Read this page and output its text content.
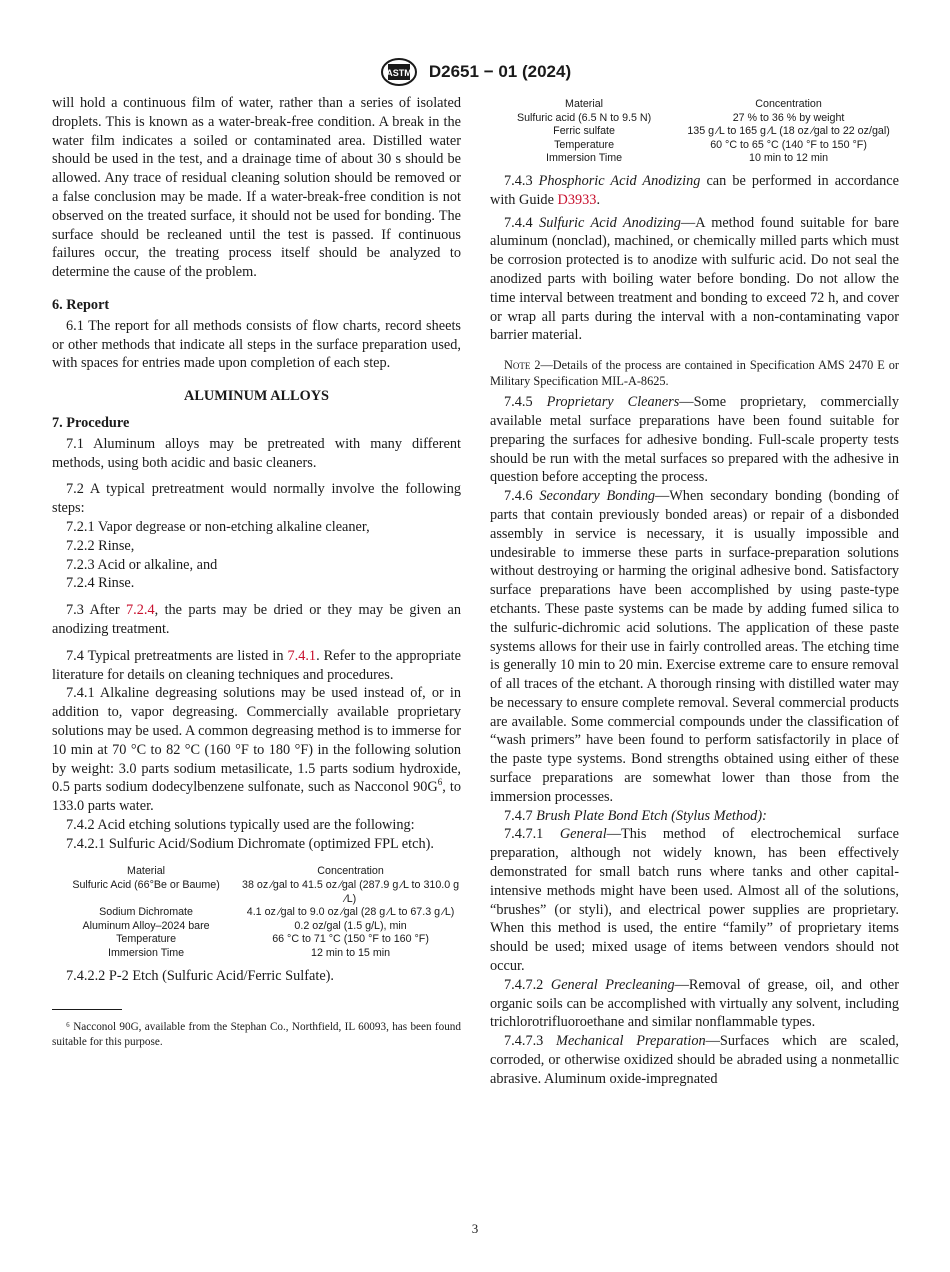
ASTM D2651 − 01 (2024)

will hold a continuous film of water, rather than a series of isolated droplets. This is known as a water-break-free condition. A break in the water film indicates a soiled or contaminated area. Distilled water should be used in the test, and a drainage time of about 30 s should be allowed. Any trace of residual cleaning solution should be removed or a false conclusion may be made. If a water-break-free condition is not observed on the treated surface, it should not be used for bonding. The surface should be recleaned until the test is passed. If continuous failures occur, the treating process itself should be analyzed to determine the cause of the problem.

6. Report

6.1 The report for all methods consists of flow charts, record sheets or other methods that indicate all steps in the surface preparation used, with spaces for entries made upon completion of each step.

ALUMINUM ALLOYS
7. Procedure

7.1 Aluminum alloys may be pretreated with many different methods, using both acidic and basic cleaners.

7.2 A typical pretreatment would normally involve the following steps:

7.2.1 Vapor degrease or non-etching alkaline cleaner,

7.2.2 Rinse,

7.2.3 Acid or alkaline, and

7.2.4 Rinse.

7.3 After 7.2.4, the parts may be dried or they may be given an anodizing treatment.

7.4 Typical pretreatments are listed in 7.4.1. Refer to the appropriate literature for details on cleaning techniques and procedures.

7.4.1 Alkaline degreasing solutions may be used instead of, or in addition to, vapor degreasing. Commercially available proprietary solutions may be used. A common degreasing method is to immerse for 10 min at 70 °C to 82 °C (160 °F to 180 °F) in the following solution by weight: 3.0 parts sodium metasilicate, 1.5 parts sodium hydroxide, 0.5 parts sodium dodecylbenzene sulfonate, such as Nacconol $90G^6$, to 133.0 parts water.

7.4.2 Acid etching solutions typically used are the following:

7.4.2.1 Sulfuric Acid/Sodium Dichromate (optimized FPL etch).

Material	Concentration
Sulfuric Acid (66°Be or Baume)	38 oz ⁄gal to 41.5 oz ⁄gal (287.9 g ⁄L to 310.0 g ⁄L)
Sodium Dichromate	4.1 oz ⁄gal to 9.0 oz ⁄gal (28 g ⁄L to 67.3 g ⁄L)
Aluminum Alloy–2024 bare	0.2 oz/gal (1.5 g/L), min
Temperature	66 °C to 71 °C (150 °F to 160 °F)
Immersion Time	12 min to 15 min

7.4.2.2 P-2 Etch (Sulfuric Acid/Ferric Sulfate).

⁶ Nacconol 90G, available from the Stephan Co., Northfield, IL 60093, has been found suitable for this purpose.

Material	Concentration
Sulfuric acid (6.5 N to 9.5 N)	27 % to 36 % by weight
Ferric sulfate	135 g ⁄L to 165 g ⁄L (18 oz ⁄gal to 22 oz/gal)
Temperature	60 °C to 65 °C (140 °F to 150 °F)
Immersion Time	10 min to 12 min

7.4.3 Phosphoric Acid Anodizing can be performed in accordance with Guide D3933.

7.4.4 Sulfuric Acid Anodizing—A method found suitable for bare aluminum (nonclad), machined, or chemically milled parts which must be corrosion protected is to anodize with sulfuric acid. Do not seal the anodized parts with boiling water before bonding. Do not allow the time interval between treatment and bonding to exceed 72 h, and cover or wrap all parts during the interval with a non-contaminating vapor barrier material.

Note 2—Details of the process are contained in Specification AMS 2470 E or Military Specification MIL-A-8625.

7.4.5 Proprietary Cleaners—Some proprietary, commercially available metal surface preparations have been found suitable for preparing the surfaces for adhesive bonding. Full-scale property tests should be run with the metal surfaces so prepared with the adhesive in question before accepting the process.

7.4.6 Secondary Bonding—When secondary bonding (bonding of parts that contain previously bonded areas) or repair of a disbonded assembly in service is necessary, it is usually impossible and undesirable to immerse these parts in surface-preparation solutions without destroying or harming the original adhesive bond. Satisfactory surface preparations have been accomplished by using paste-type etchants. These paste systems can be made by adding fumed silica to the sulfuric-dichromic acid solutions. The application of these paste systems allows for their use in fairly controlled areas. The etching time is generally 10 min to 20 min. Exercise extreme care to ensure removal of all traces of the etchant. A thorough rinsing with distilled water may be necessary to ensure complete removal. Several commercial products are available. Some commercial compounds under the classification of “wash primers” have been found to perform satisfactorily in place of the paste type systems. Bond strengths obtained using either of these surface preparations are somewhat lower than those from the immersion processes.

7.4.7 Brush Plate Bond Etch (Stylus Method):

7.4.7.1 General—This method of electrochemical surface preparation, although not widely known, has been effectively demonstrated for small batch runs where tanks and other capital-intensive methods might have been used. Almost all of the solutions, “brushes” (or styli), and electrical power supplies are proprietary. When this method is used, the entire “family” of proprietary items should be used; mixed usage of items between vendors should not occur.

7.4.7.2 General Precleaning—Removal of grease, oil, and other organic soils can be accomplished with virtually any solvent, including trichlorotrifluoroethane and similar nonflammable types.

7.4.7.3 Mechanical Preparation—Surfaces which are scaled, corroded, or otherwise oxidized should be abraded using a nonmetallic abrasive. Aluminum oxide-impregnated

3
